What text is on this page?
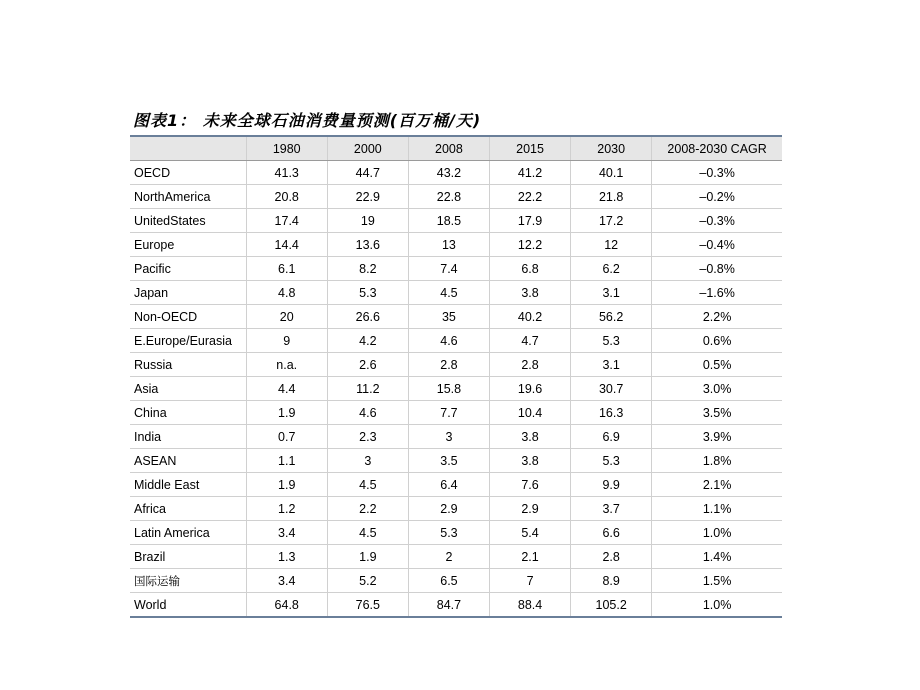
图表1： 未来全球石油消费量预测(百万桶/天)
	1980	2000	2008	2015	2030	2008-2030 CAGR
OECD	41.3	44.7	43.2	41.2	40.1	–0.3%
NorthAmerica	20.8	22.9	22.8	22.2	21.8	–0.2%
UnitedStates	17.4	19	18.5	17.9	17.2	–0.3%
Europe	14.4	13.6	13	12.2	12	–0.4%
Pacific	6.1	8.2	7.4	6.8	6.2	–0.8%
Japan	4.8	5.3	4.5	3.8	3.1	–1.6%
Non-OECD	20	26.6	35	40.2	56.2	2.2%
E.Europe/Eurasia	9	4.2	4.6	4.7	5.3	0.6%
Russia	n.a.	2.6	2.8	2.8	3.1	0.5%
Asia	4.4	11.2	15.8	19.6	30.7	3.0%
China	1.9	4.6	7.7	10.4	16.3	3.5%
India	0.7	2.3	3	3.8	6.9	3.9%
ASEAN	1.1	3	3.5	3.8	5.3	1.8%
Middle East	1.9	4.5	6.4	7.6	9.9	2.1%
Africa	1.2	2.2	2.9	2.9	3.7	1.1%
Latin America	3.4	4.5	5.3	5.4	6.6	1.0%
Brazil	1.3	1.9	2	2.1	2.8	1.4%
国际运输	3.4	5.2	6.5	7	8.9	1.5%
World	64.8	76.5	84.7	88.4	105.2	1.0%
